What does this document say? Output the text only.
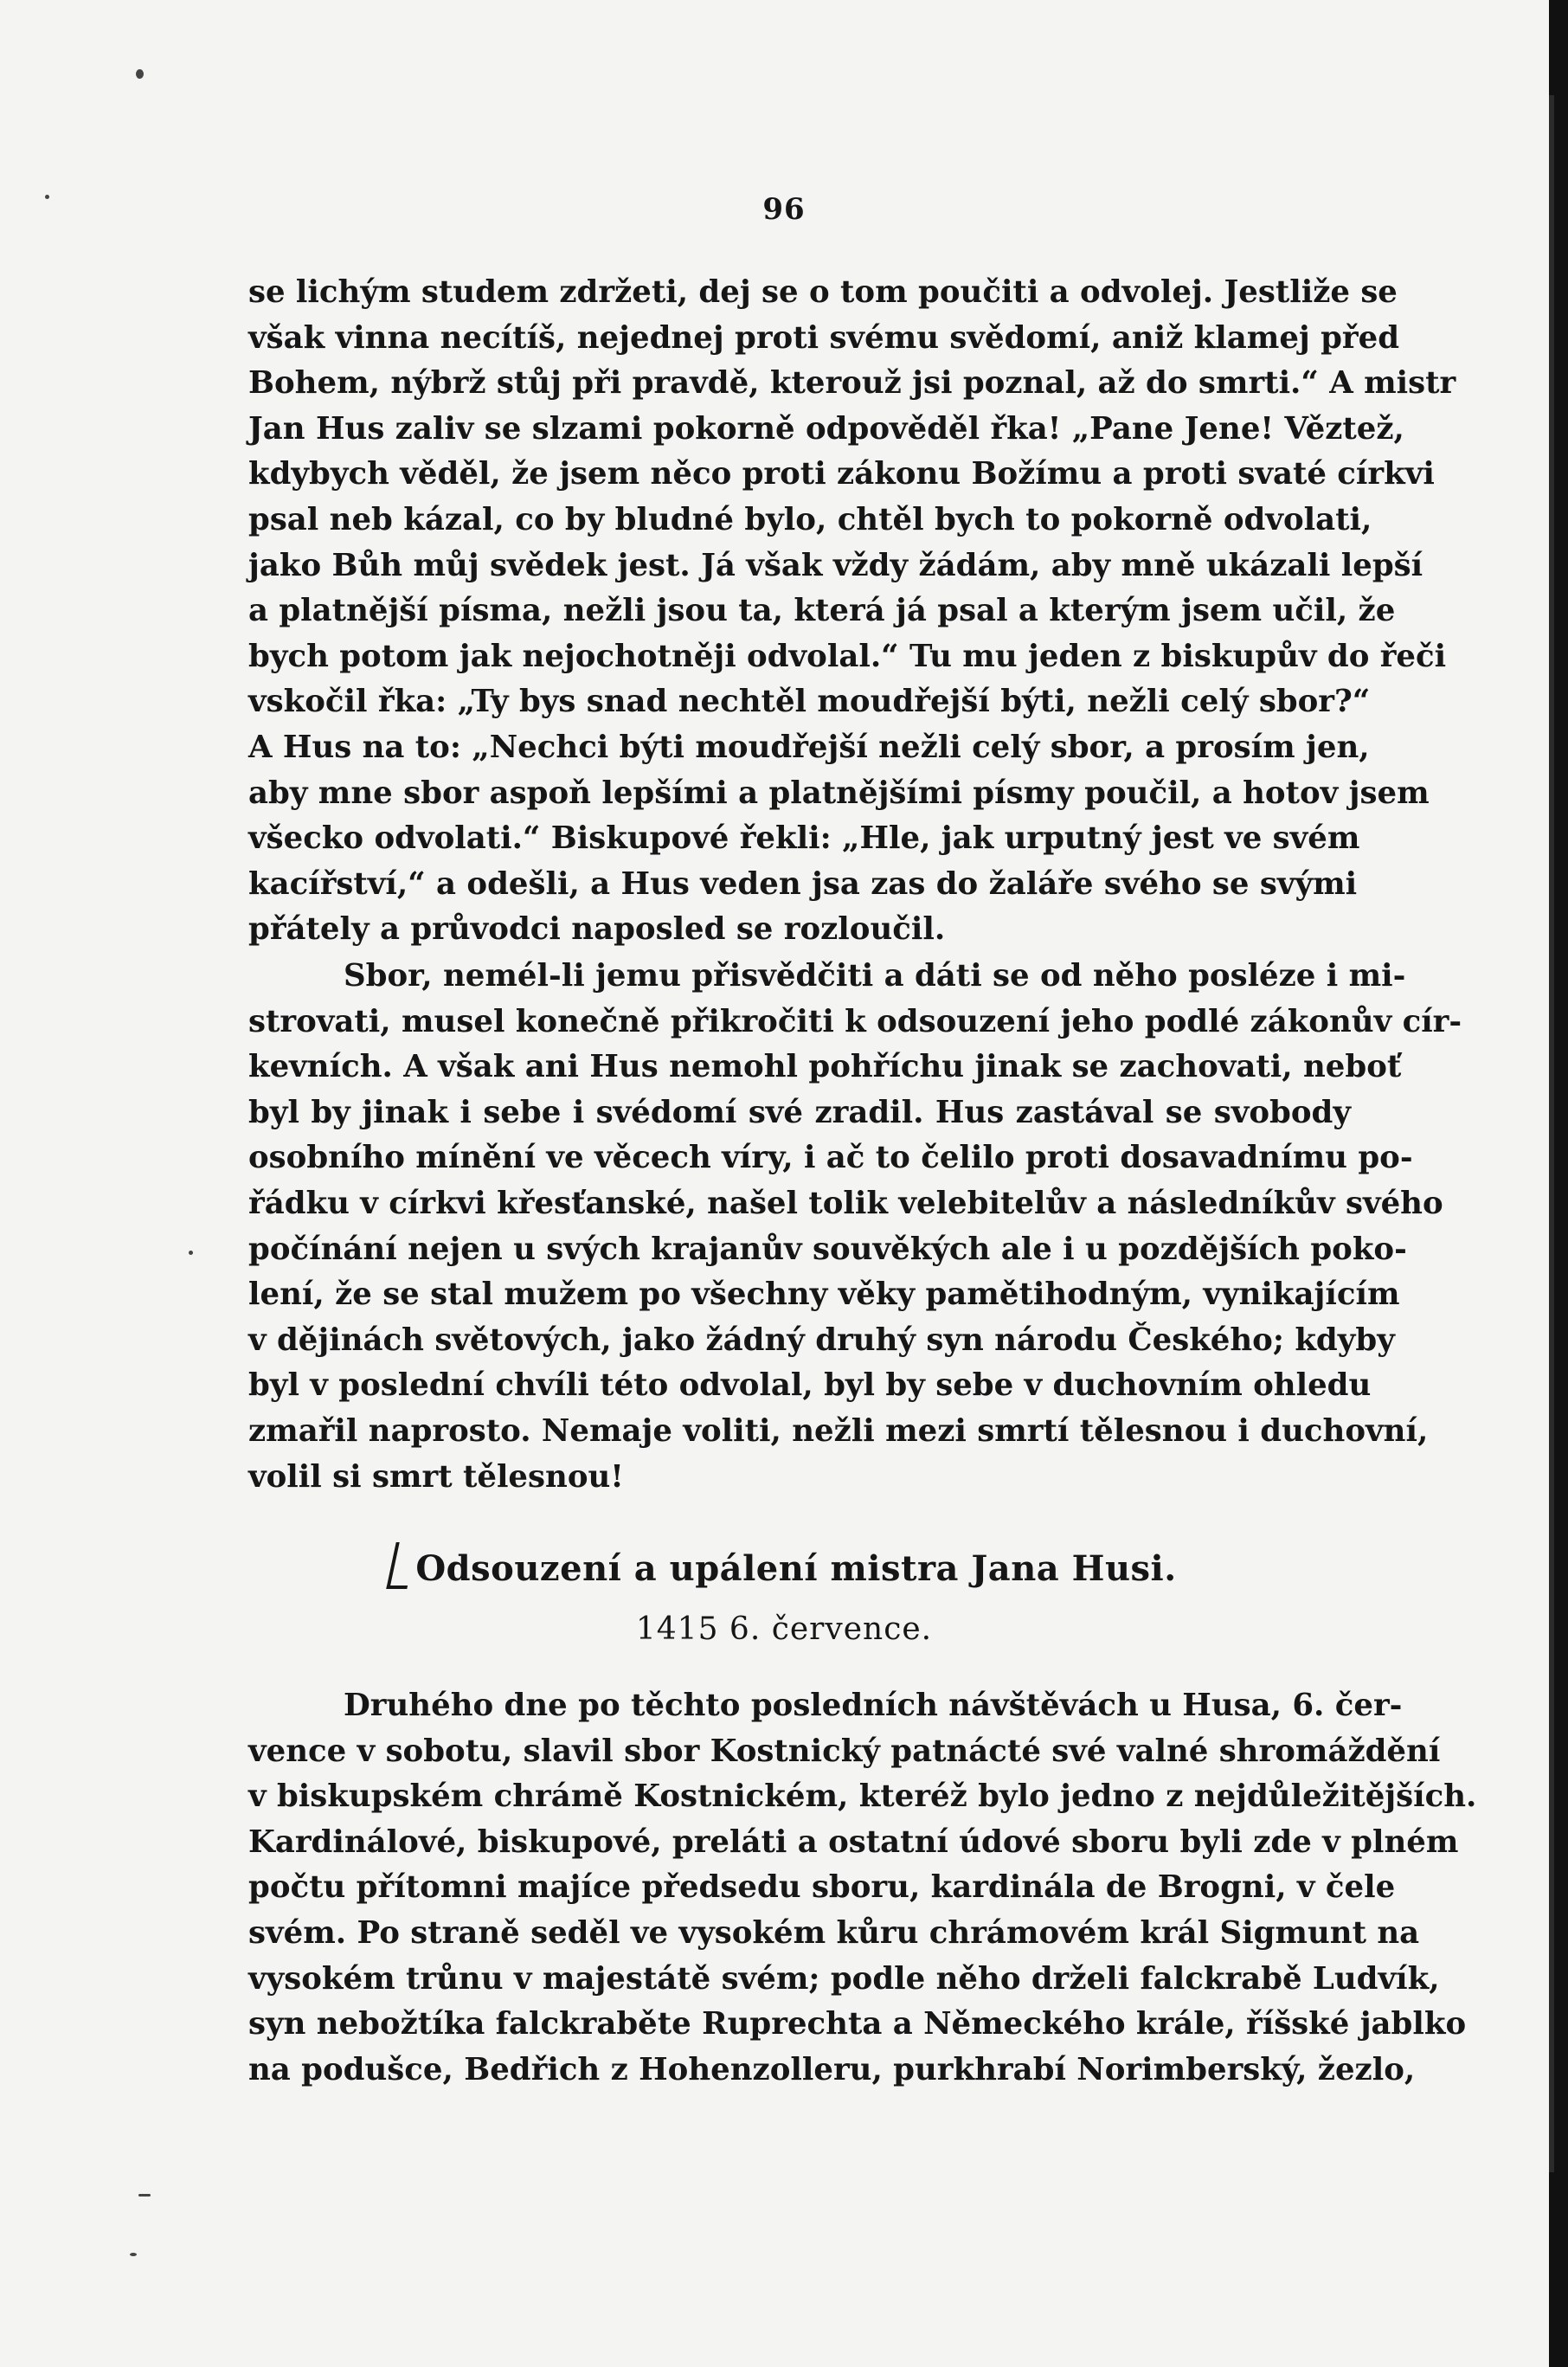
96
se lichým studem zdržeti, dej se o tom poučiti a odvolej. Jestliže se
však vinna necítíš, nejednej proti svému svědomí, aniž klamej před
Bohem, nýbrž stůj při pravdě, kterouž jsi poznal, až do smrti.“ A mistr
Jan Hus zaliv se slzami pokorně odpověděl řka! „Pane Jene! Věztež,
kdybych věděl, že jsem něco proti zákonu Božímu a proti svaté církvi
psal neb kázal, co by bludné bylo, chtěl bych to pokorně odvolati,
jako Bůh můj svědek jest. Já však vždy žádám, aby mně ukázali lepší
a platnější písma, nežli jsou ta, která já psal a kterým jsem učil, že
bych potom jak nejochotněji odvolal.“ Tu mu jeden z biskupův do řeči
vskočil řka: „Ty bys snad nechtěl moudřejší býti, nežli celý sbor?“
A Hus na to: „Nechci býti moudřejší nežli celý sbor, a prosím jen,
aby mne sbor aspoň lepšími a platnějšími písmy poučil, a hotov jsem
všecko odvolati.“ Biskupové řekli: „Hle, jak urputný jest ve svém
kacířství,“ a odešli, a Hus veden jsa zas do žaláře svého se svými
přátely a průvodci naposled se rozloučil.
Sbor, nemél-li jemu přisvědčiti a dáti se od něho posléze i mi-
strovati, musel konečně přikročiti k odsouzení jeho podlé zákonův cír-
kevních. A však ani Hus nemohl pohříchu jinak se zachovati, neboť
byl by jinak i sebe i svédomí své zradil. Hus zastával se svobody
osobního mínění ve věcech víry, i ač to čelilo proti dosavadnímu po-
řádku v církvi křesťanské, našel tolik velebitelův a následníkův svého
počínání nejen u svých krajanův souvěkých ale i u pozdějších poko-
lení, že se stal mužem po všechny věky pamětihodným, vynikajícím
v dějinách světových, jako žádný druhý syn národu Českého; kdyby
byl v poslední chvíli této odvolal, byl by sebe v duchovním ohledu
zmařil naprosto. Nemaje voliti, nežli mezi smrtí tělesnou i duchovní,
volil si smrt tělesnou!
Odsouzení a upálení mistra Jana Husi.
1415 6. července.
Druhého dne po těchto posledních návštěvách u Husa, 6. čer-
vence v sobotu, slavil sbor Kostnický patnácté své valné shromáždění
v biskupském chrámě Kostnickém, kteréž bylo jedno z nejdůležitějších.
Kardinálové, biskupové, preláti a ostatní údové sboru byli zde v plném
počtu přítomni majíce předsedu sboru, kardinála de Brogni, v čele
svém. Po straně seděl ve vysokém kůru chrámovém král Sigmunt na
vysokém trůnu v majestátě svém; podle něho drželi falckrabě Ludvík,
syn nebožtíka falckraběte Ruprechta a Německého krále, říšské jablko
na podušce, Bedřich z Hohenzolleru, purkhrabí Norimberský, žezlo,
